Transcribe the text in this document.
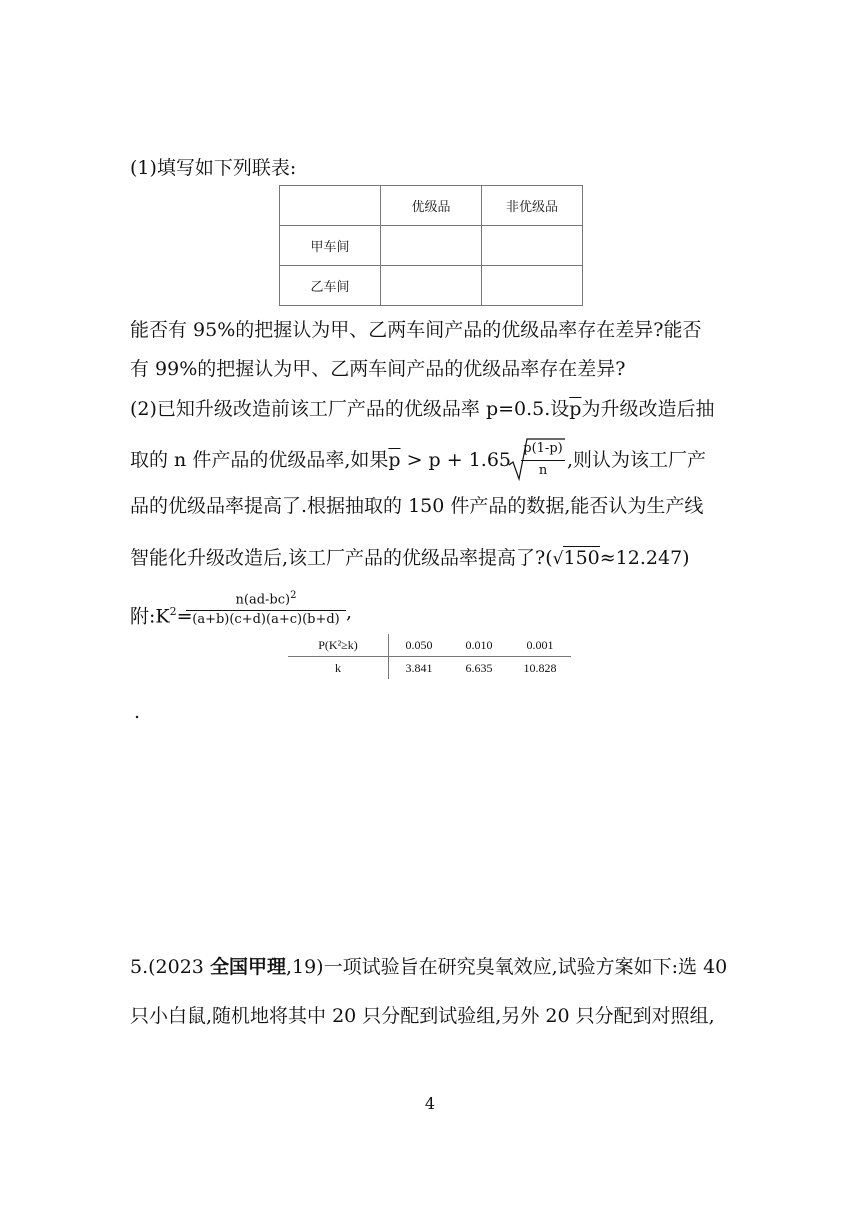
(1)填写如下列联表:
	优级品	非优级品
甲车间		
乙车间		
能否有 95%的把握认为甲、乙两车间产品的优级品率存在差异?能否
有 99%的把握认为甲、乙两车间产品的优级品率存在差异?
(2)已知升级改造前该工厂产品的优级品率 p=0.5.设$\overline{p}$为升级改造后抽
取的 n 件产品的优级品率,如果$\overline{p} > p + 1.65$
p(1-p)
n	,则认为该工厂产
品的优级品率提高了.根据抽取的 150 件产品的数据,能否认为生产线
智能化升级改造后,该工厂产品的优级品率提高了?(√150≈12.247)
附$:K^2=$
$n(ad-bc)^2$
(a+b)(c+d)(a+c)(b+d) ,
P(K²≥k)	0.050	0.010	0.001
k	3.841	6.635	10.828
.
5.(2023 全国甲理,19)一项试验旨在研究臭氧效应,试验方案如下:选 40
只小白鼠,随机地将其中 20 只分配到试验组,另外 20 只分配到对照组,
4
